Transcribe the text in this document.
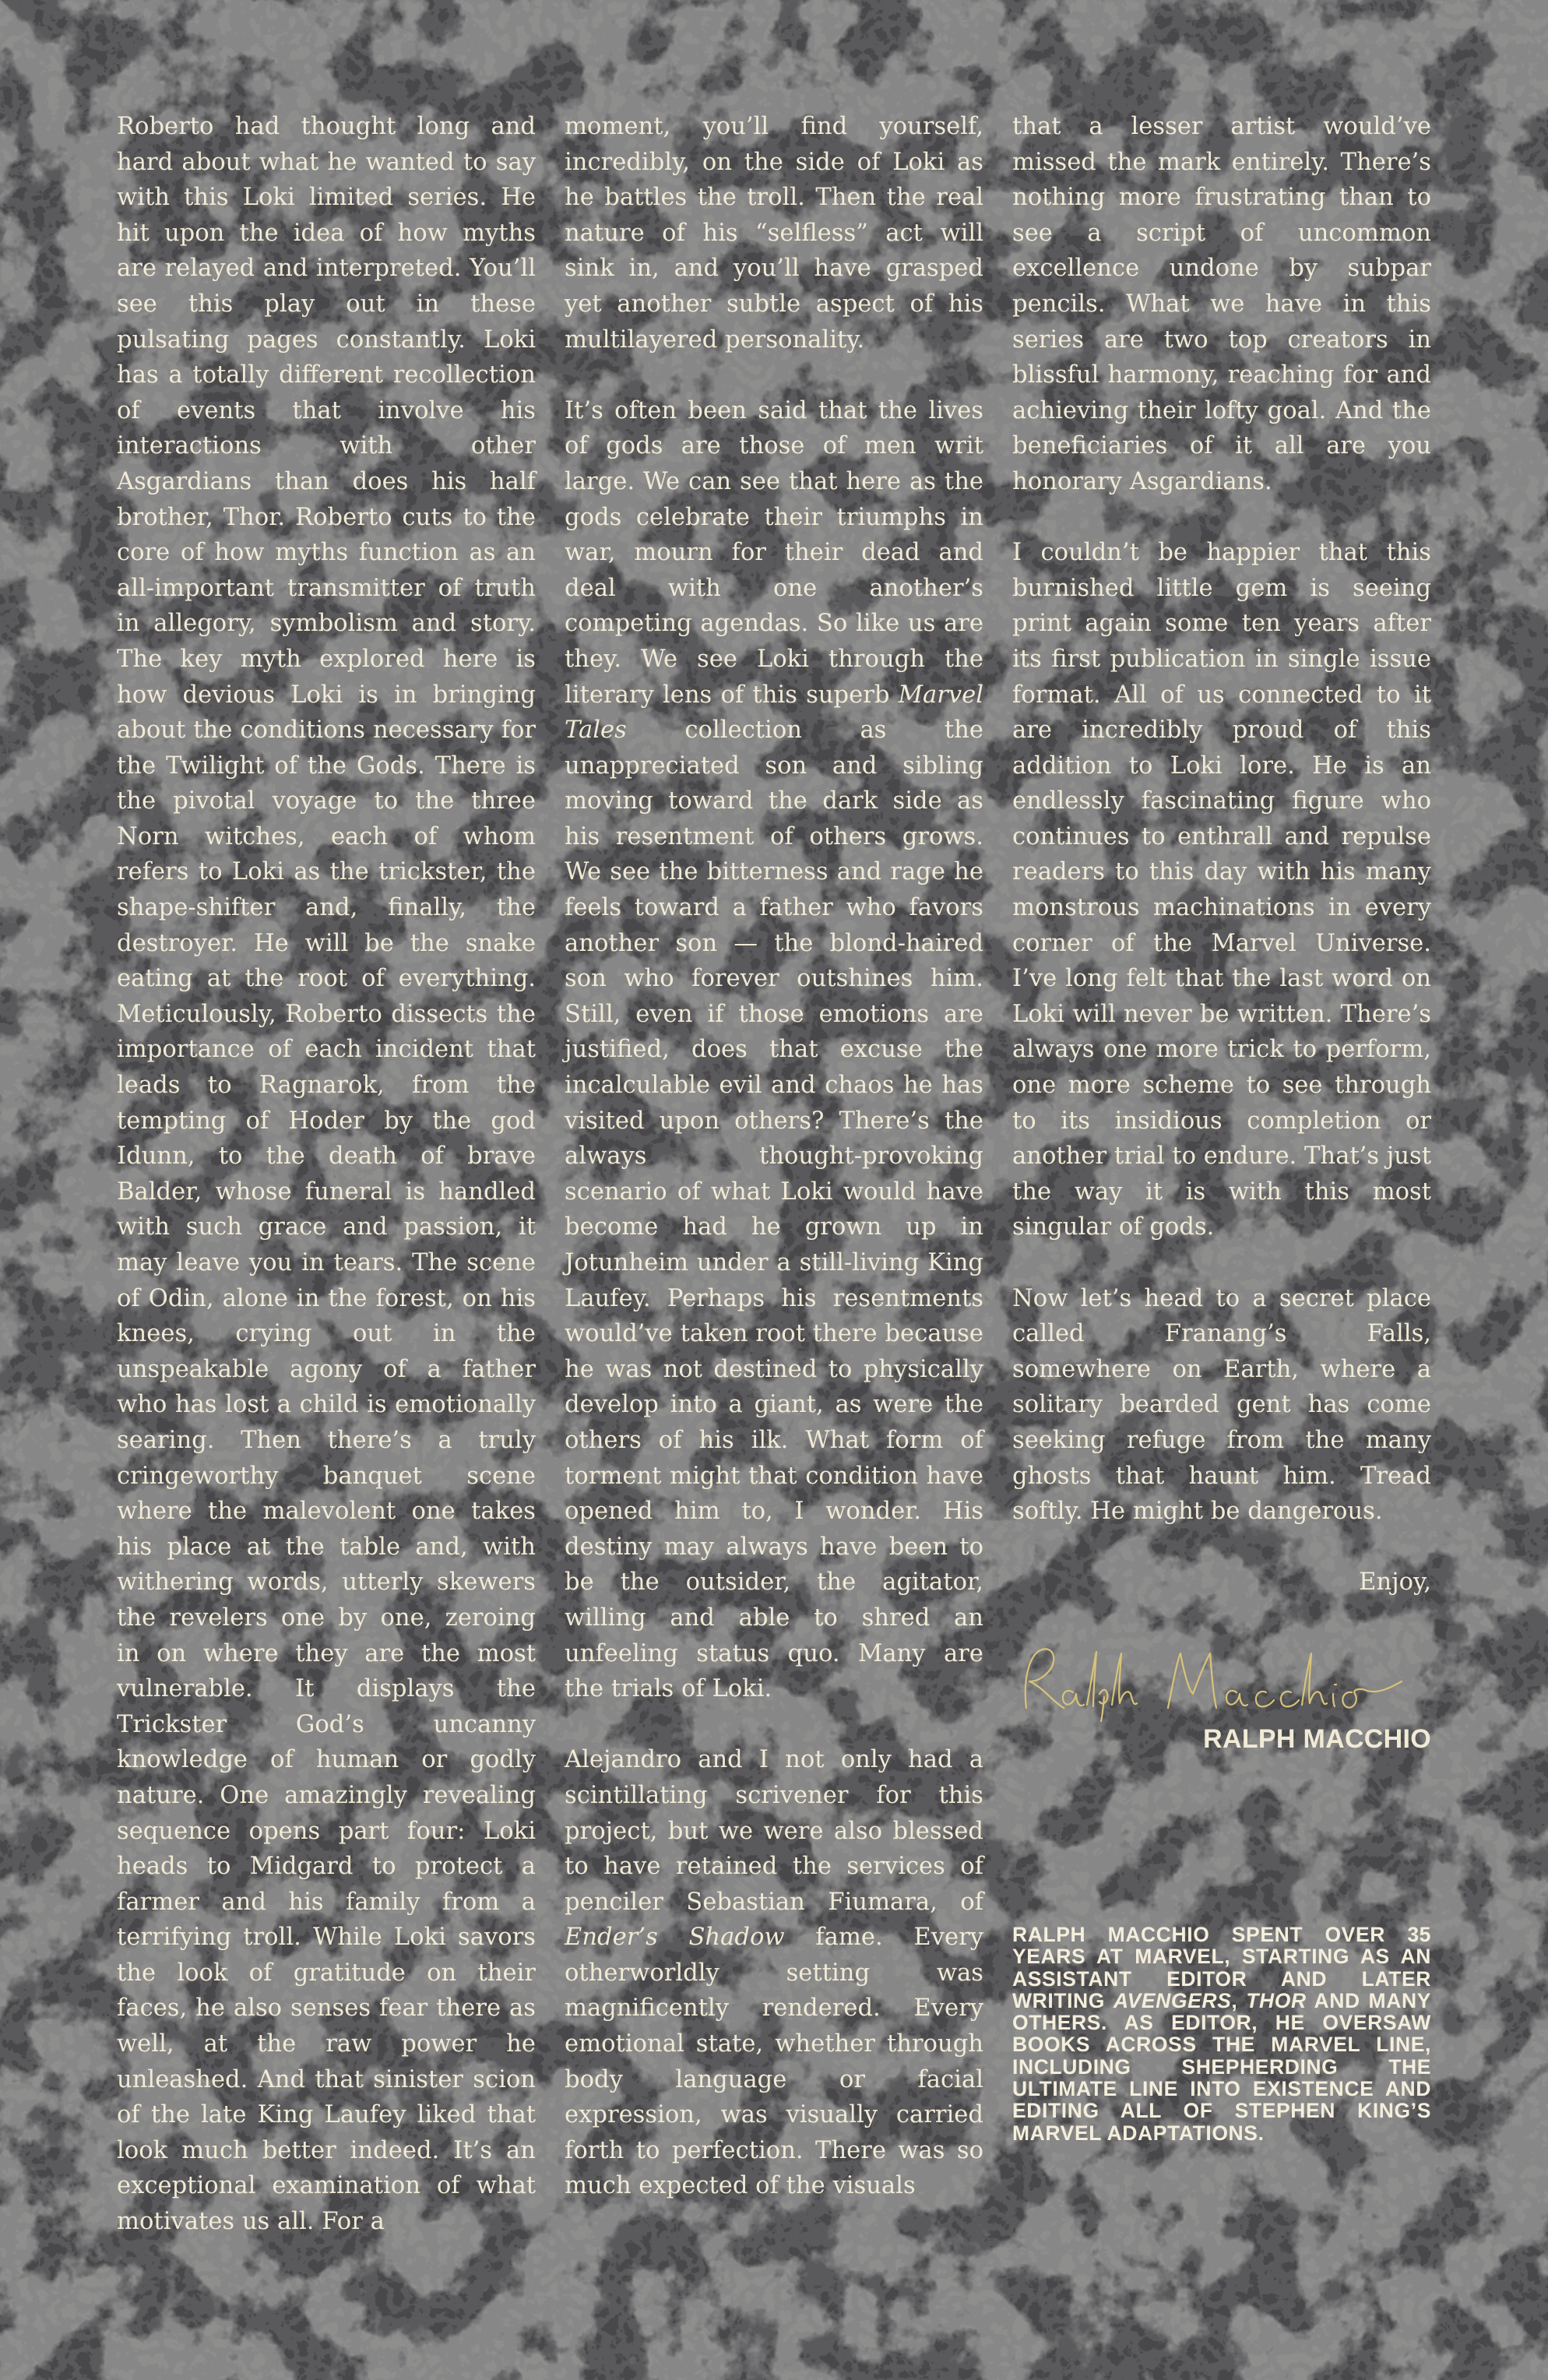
Roberto had thought long and hard about what he wanted to say with this Loki limited series. He hit upon the idea of how myths are relayed and interpreted. You’ll see this play out in these pulsating pages constantly. Loki has a totally different recollection of events that involve his interactions with other Asgardians than does his half brother, Thor. Roberto cuts to the core of how myths function as an all-important transmitter of truth in allegory, symbolism and story. The key myth explored here is how devious Loki is in bringing about the conditions necessary for the Twilight of the Gods. There is the pivotal voyage to the three Norn witches, each of whom refers to Loki as the trickster, the shape-shifter and, finally, the destroyer. He will be the snake eating at the root of everything. Meticulously, Roberto dissects the importance of each incident that leads to Ragnarok, from the tempting of Hoder by the god Idunn, to the death of brave Balder, whose funeral is handled with such grace and passion, it may leave you in tears. The scene of Odin, alone in the forest, on his knees, crying out in the unspeakable agony of a father who has lost a child is emotionally searing. Then there’s a truly cringeworthy banquet scene where the malevolent one takes his place at the table and, with withering words, utterly skewers the revelers one by one, zeroing in on where they are the most vulnerable. It displays the Trickster God’s uncanny knowledge of human or godly nature. One amazingly revealing sequence opens part four: Loki heads to Midgard to protect a farmer and his family from a terrifying troll. While Loki savors the look of gratitude on their faces, he also senses fear there as well, at the raw power he unleashed. And that sinister scion of the late King Laufey liked that look much better indeed. It’s an exceptional examination of what motivates us all. For a

moment, you’ll find yourself, incredibly, on the side of Loki as he battles the troll. Then the real nature of his “selfless” act will sink in, and you’ll have grasped yet another subtle aspect of his multilayered personality.

It’s often been said that the lives of gods are those of men writ large. We can see that here as the gods celebrate their triumphs in war, mourn for their dead and deal with one another’s competing agendas. So like us are they. We see Loki through the literary lens of this superb Marvel Tales collection as the unappreciated son and sibling moving toward the dark side as his resentment of others grows. We see the bitterness and rage he feels toward a father who favors another son — the blond-haired son who forever outshines him. Still, even if those emotions are justified, does that excuse the incalculable evil and chaos he has visited upon others? There’s the always thought-provoking scenario of what Loki would have become had he grown up in Jotunheim under a still-living King Laufey. Perhaps his resentments would’ve taken root there because he was not destined to physically develop into a giant, as were the others of his ilk. What form of torment might that condition have opened him to, I wonder. His destiny may always have been to be the outsider, the agitator, willing and able to shred an unfeeling status quo. Many are the trials of Loki.

Alejandro and I not only had a scintillating scrivener for this project, but we were also blessed to have retained the services of penciler Sebastian Fiumara, of Ender’s Shadow fame. Every otherworldly setting was magnificently rendered. Every emotional state, whether through body language or facial expression, was visually carried forth to perfection. There was so much expected of the visuals

that a lesser artist would’ve missed the mark entirely. There’s nothing more frustrating than to see a script of uncommon excellence undone by subpar pencils. What we have in this series are two top creators in blissful harmony, reaching for and achieving their lofty goal. And the beneficiaries of it all are you honorary Asgardians.

I couldn’t be happier that this burnished little gem is seeing print again some ten years after its first publication in single issue format. All of us connected to it are incredibly proud of this addition to Loki lore. He is an endlessly fascinating figure who continues to enthrall and repulse readers to this day with his many monstrous machinations in every corner of the Marvel Universe. I’ve long felt that the last word on Loki will never be written. There’s always one more trick to perform, one more scheme to see through to its insidious completion or another trial to endure. That’s just the way it is with this most singular of gods.

Now let’s head to a secret place called Franang’s Falls, somewhere on Earth, where a solitary bearded gent has come seeking refuge from the many ghosts that haunt him. Tread softly. He might be dangerous.

Enjoy,

RALPH MACCHIO

RALPH MACCHIO SPENT OVER 35 YEARS AT MARVEL, STARTING AS AN ASSISTANT EDITOR AND LATER WRITING AVENGERS, THOR AND MANY OTHERS. AS EDITOR, HE OVERSAW BOOKS ACROSS THE MARVEL LINE, INCLUDING SHEPHERDING THE ULTIMATE LINE INTO EXISTENCE AND EDITING ALL OF STEPHEN KING’S MARVEL ADAPTATIONS.
